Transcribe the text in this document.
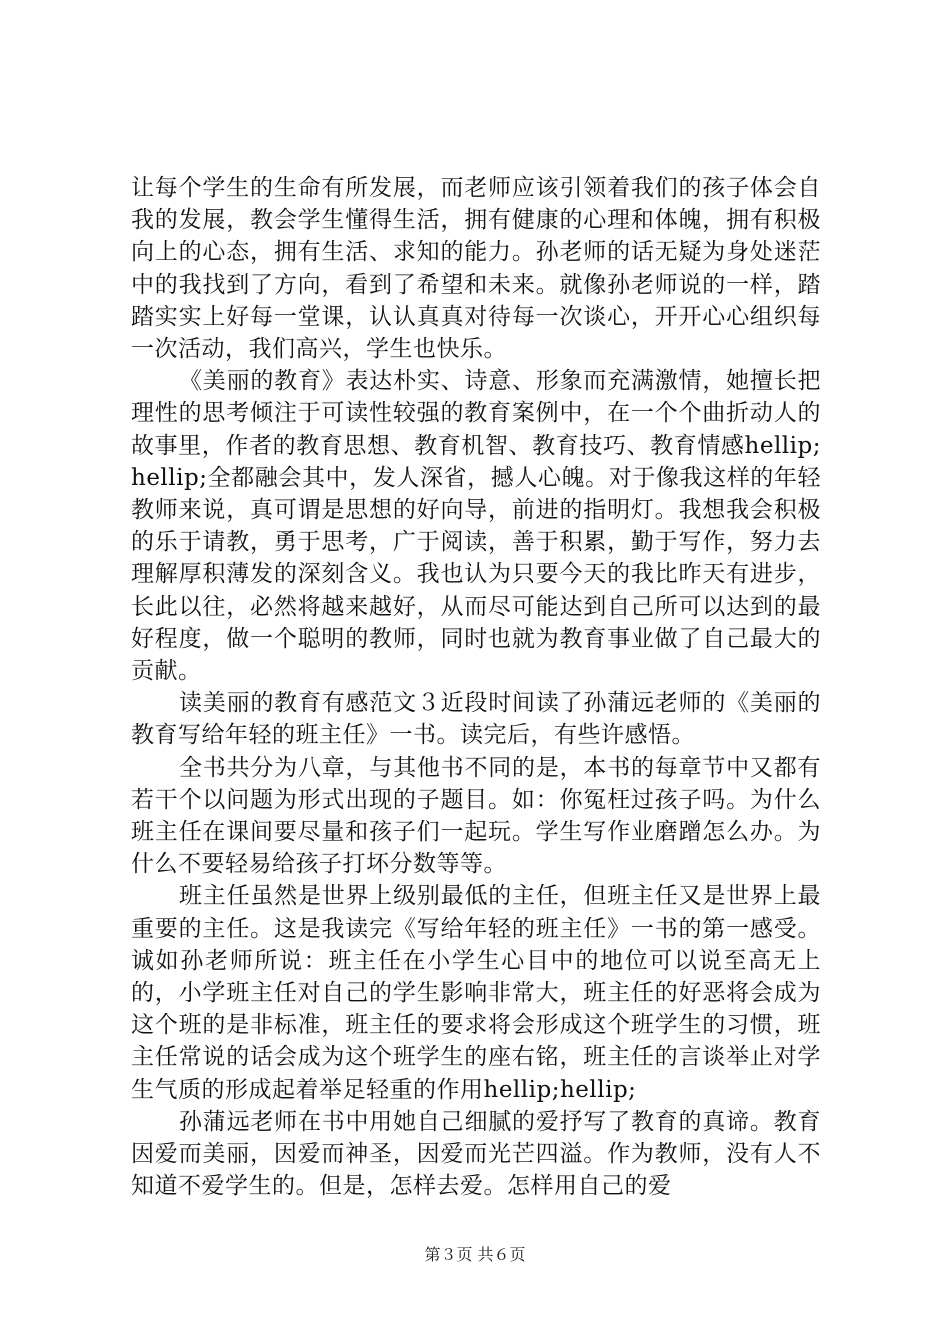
让每个学生的生命有所发展，而老师应该引领着我们的孩子体会自我的发展，教会学生懂得生活，拥有健康的心理和体魄，拥有积极向上的心态，拥有生活、求知的能力。孙老师的话无疑为身处迷茫中的我找到了方向，看到了希望和未来。就像孙老师说的一样，踏踏实实上好每一堂课，认认真真对待每一次谈心，开开心心组织每一次活动，我们高兴，学生也快乐。

《美丽的教育》表达朴实、诗意、形象而充满激情，她擅长把理性的思考倾注于可读性较强的教育案例中，在一个个曲折动人的故事里，作者的教育思想、教育机智、教育技巧、教育情感hellip;hellip;全都融会其中，发人深省，撼人心魄。对于像我这样的年轻教师来说，真可谓是思想的好向导，前进的指明灯。我想我会积极的乐于请教，勇于思考，广于阅读，善于积累，勤于写作，努力去理解厚积薄发的深刻含义。我也认为只要今天的我比昨天有进步，长此以往，必然将越来越好，从而尽可能达到自己所可以达到的最好程度，做一个聪明的教师，同时也就为教育事业做了自己最大的贡献。

读美丽的教育有感范文３近段时间读了孙蒲远老师的《美丽的教育写给年轻的班主任》一书。读完后，有些许感悟。

全书共分为八章，与其他书不同的是，本书的每章节中又都有若干个以问题为形式出现的子题目。如：你冤枉过孩子吗。为什么班主任在课间要尽量和孩子们一起玩。学生写作业磨蹭怎么办。为什么不要轻易给孩子打坏分数等等。

班主任虽然是世界上级别最低的主任，但班主任又是世界上最重要的主任。这是我读完《写给年轻的班主任》一书的第一感受。诚如孙老师所说：班主任在小学生心目中的地位可以说至高无上的，小学班主任对自己的学生影响非常大，班主任的好恶将会成为这个班的是非标准，班主任的要求将会形成这个班学生的习惯，班主任常说的话会成为这个班学生的座右铭，班主任的言谈举止对学生气质的形成起着举足轻重的作用hellip;hellip;

孙蒲远老师在书中用她自己细腻的爱抒写了教育的真谛。教育因爱而美丽，因爱而神圣，因爱而光芒四溢。作为教师，没有人不知道不爱学生的。但是，怎样去爱。怎样用自己的爱

第３页 共６页
